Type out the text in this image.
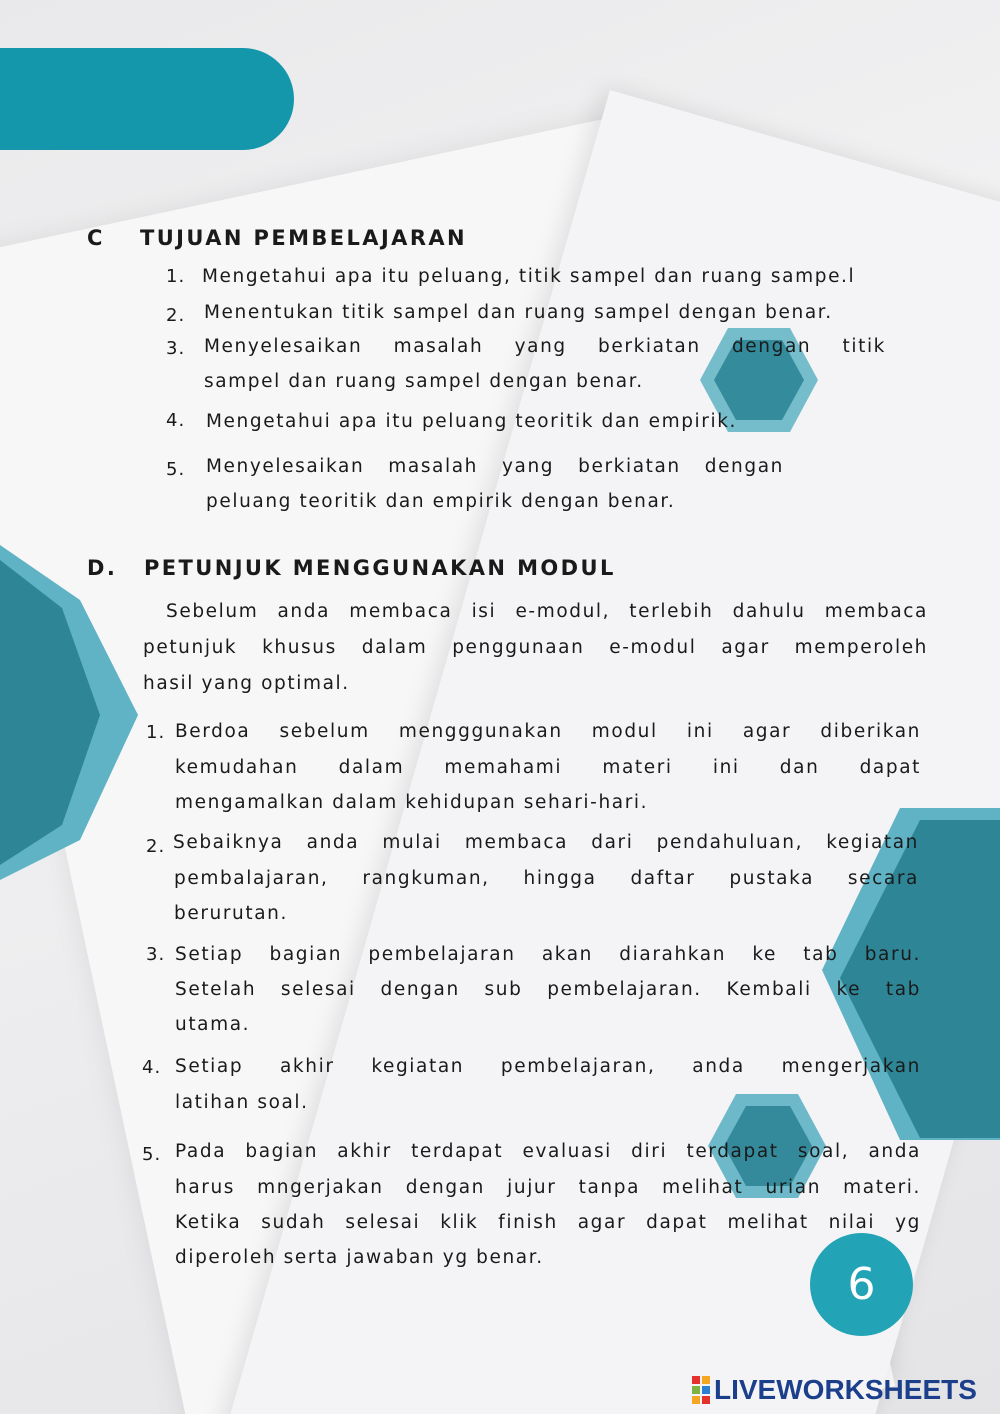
C TUJUAN PEMBELAJARAN
1. Mengetahui apa itu peluang, titik sampel dan ruang sampe.l
2. Menentukan titik sampel dan ruang sampel dengan benar.
3. Menyelesaikan masalah yang berkiatan dengan titik
sampel dan ruang sampel dengan benar.
4. Mengetahui apa itu peluang teoritik dan empirik.
5. Menyelesaikan masalah yang berkiatan dengan
peluang teoritik dan empirik dengan benar.
D. PETUNJUK MENGGUNAKAN MODUL
Sebelum anda membaca isi e-modul, terlebih dahulu membaca
petunjuk khusus dalam penggunaan e-modul agar memperoleh
hasil yang optimal.
1. Berdoa sebelum mengggunakan modul ini agar diberikan
kemudahan dalam memahami materi ini dan dapat
mengamalkan dalam kehidupan sehari-hari.
2. Sebaiknya anda mulai membaca dari pendahuluan, kegiatan
pembalajaran, rangkuman, hingga daftar pustaka secara
berurutan.
3. Setiap bagian pembelajaran akan diarahkan ke tab baru.
Setelah selesai dengan sub pembelajaran. Kembali ke tab
utama.
4. Setiap akhir kegiatan pembelajaran, anda mengerjakan
latihan soal.
5. Pada bagian akhir terdapat evaluasi diri terdapat soal, anda
harus mngerjakan dengan jujur tanpa melihat urian materi.
Ketika sudah selesai klik finish agar dapat melihat nilai yg
diperoleh serta jawaban yg benar.
6
LIVEWORKSHEETS
